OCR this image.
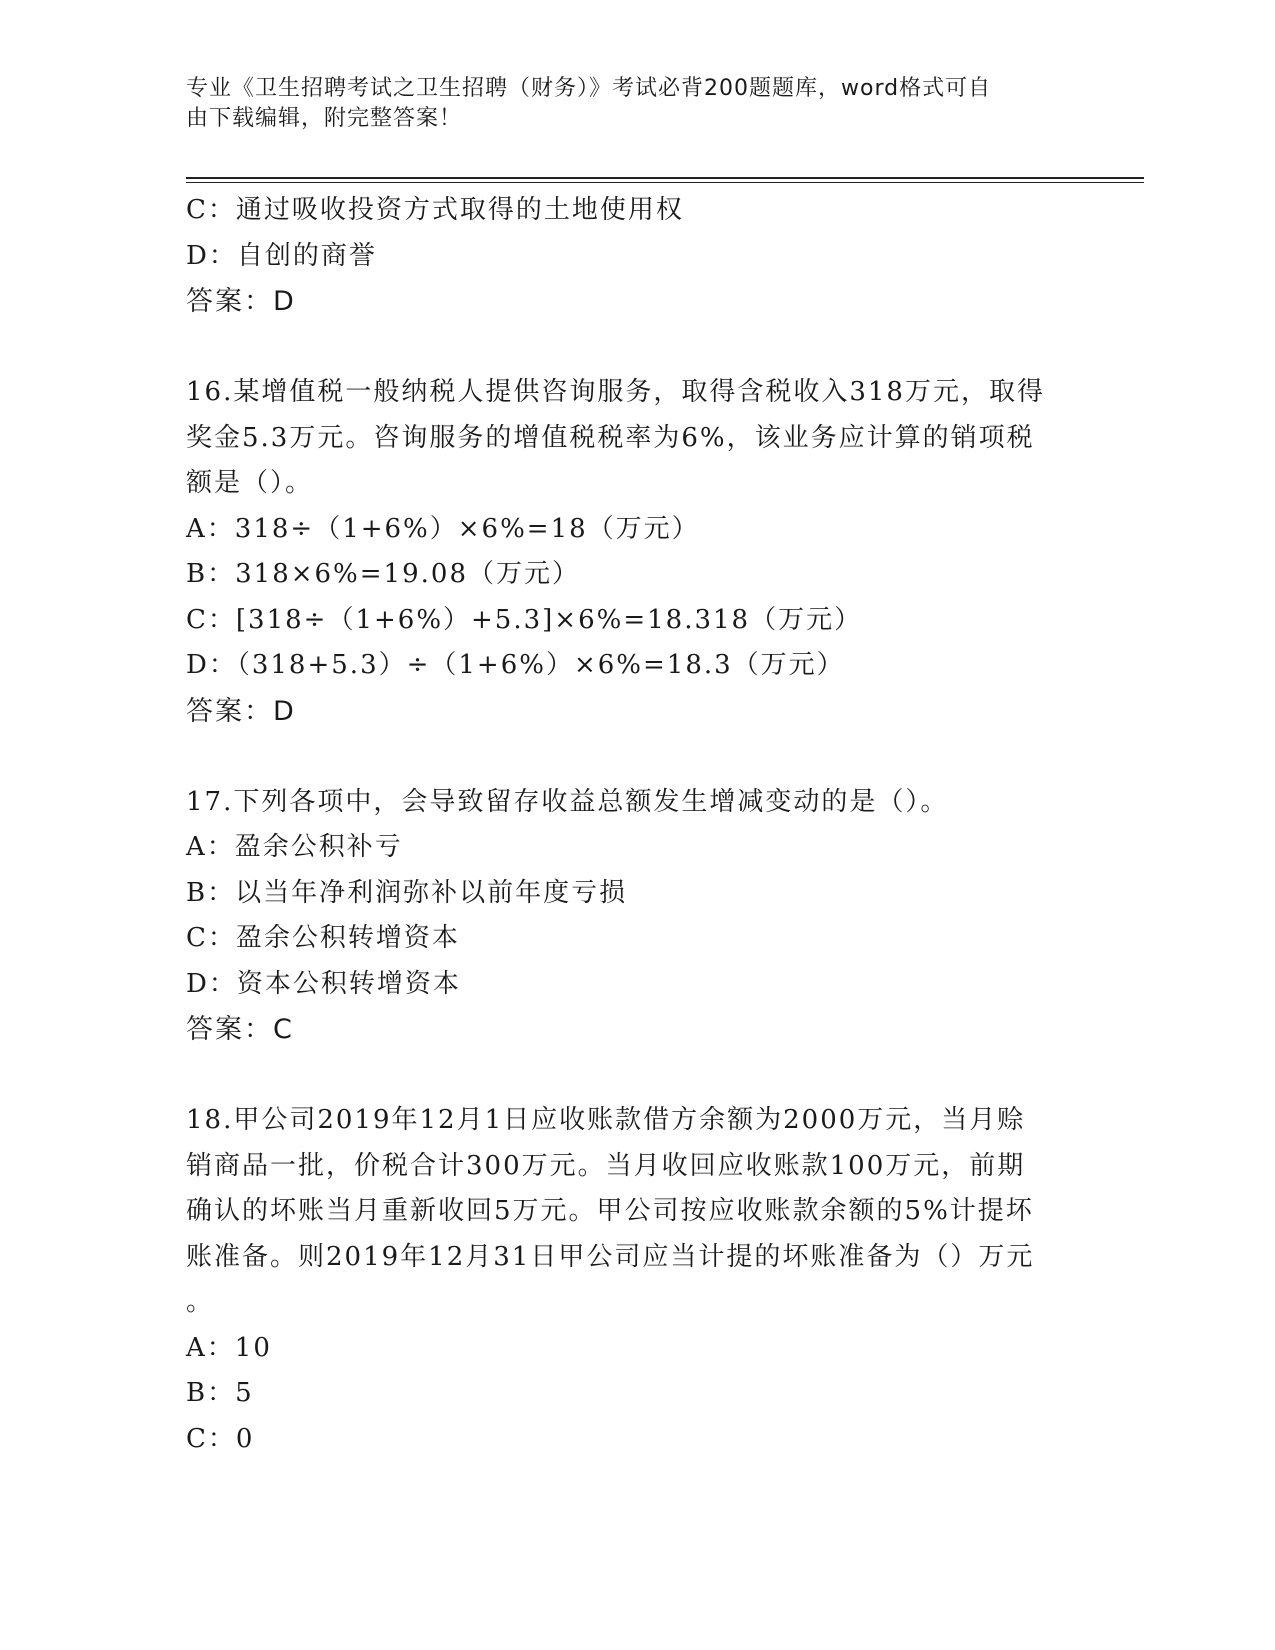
专业《卫生招聘考试之卫生招聘（财务）》考试必背200题题库，word格式可自
由下载编辑，附完整答案！
C：通过吸收投资方式取得的土地使用权
D：自创的商誉
答案：D
16.某增值税一般纳税人提供咨询服务，取得含税收入318万元，取得
奖金5.3万元。咨询服务的增值税税率为6%，该业务应计算的销项税
额是（）。
A：318÷（1+6%）×6%=18（万元）
B：318×6%=19.08（万元）
C：[318÷（1+6%）+5.3]×6%=18.318（万元）
D：（318+5.3）÷（1+6%）×6%=18.3（万元）
答案：D
17.下列各项中，会导致留存收益总额发生增减变动的是（）。
A：盈余公积补亏
B：以当年净利润弥补以前年度亏损
C：盈余公积转增资本
D：资本公积转增资本
答案：C
18.甲公司2019年12月1日应收账款借方余额为2000万元，当月赊
销商品一批，价税合计300万元。当月收回应收账款100万元，前期
确认的坏账当月重新收回5万元。甲公司按应收账款余额的5%计提坏
账准备。则2019年12月31日甲公司应当计提的坏账准备为（）万元
。
A：10
B：5
C：0
